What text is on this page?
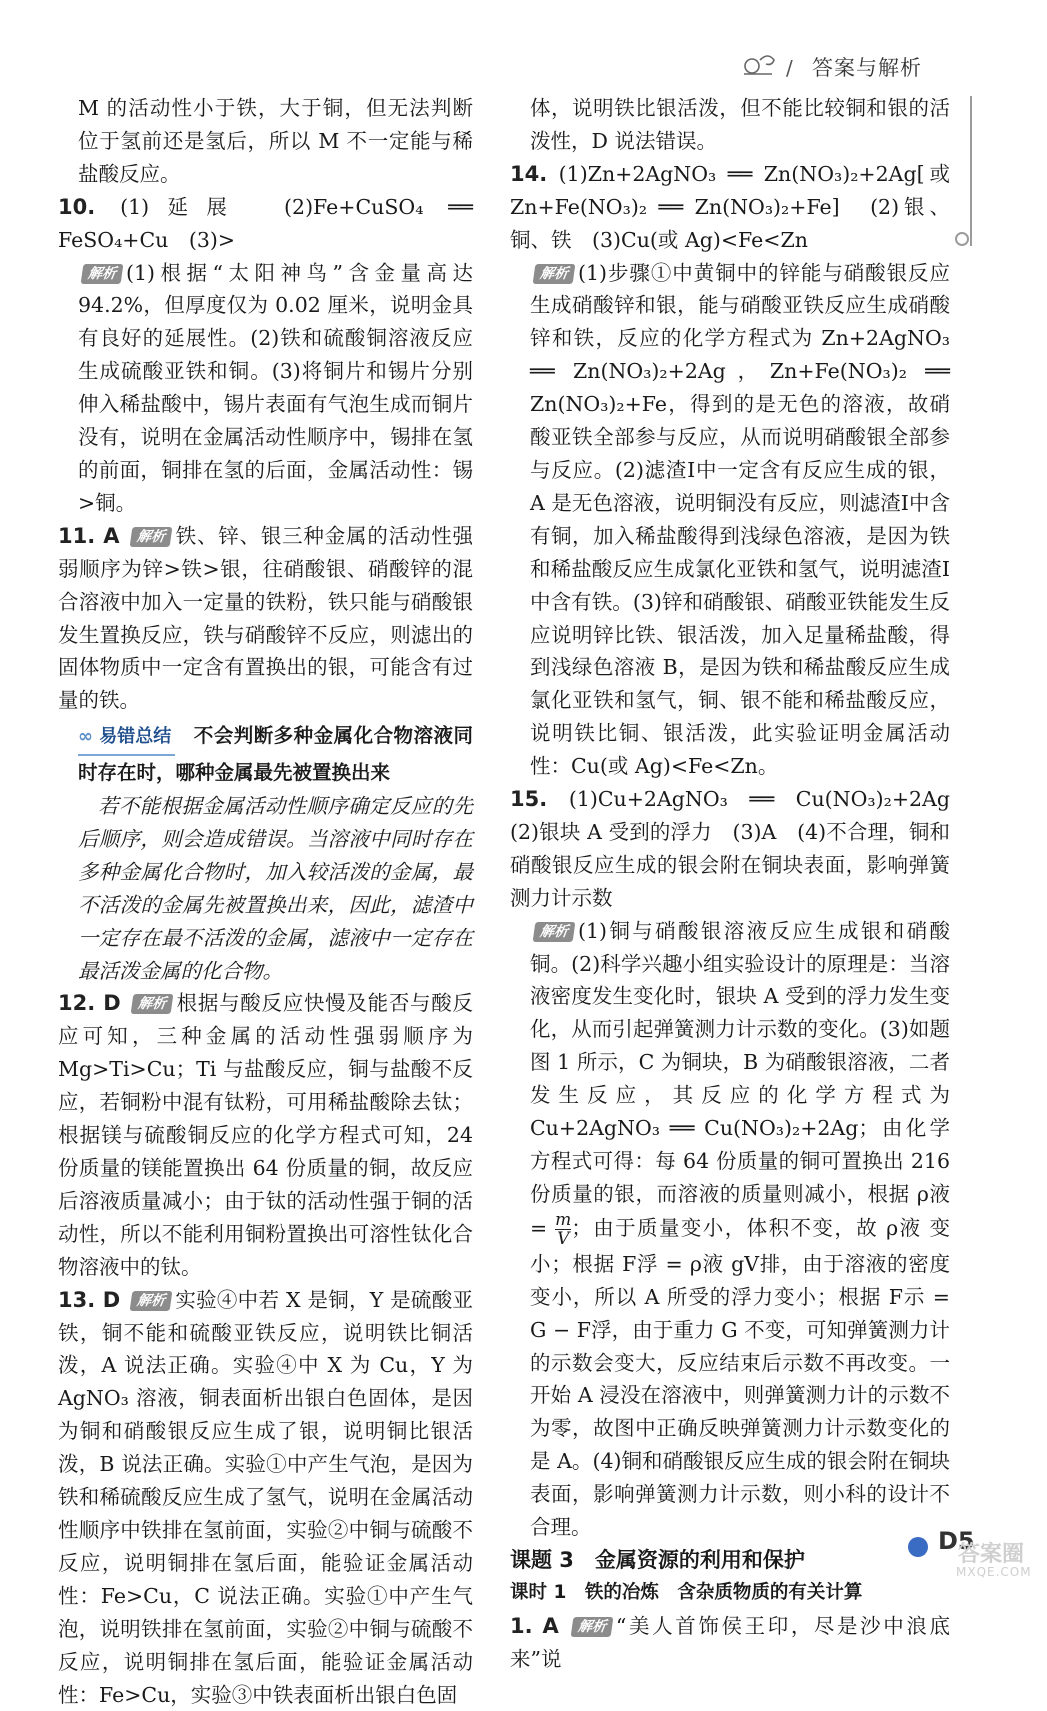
/ 答案与解析

M 的活动性小于铁，大于铜，但无法判断位于氢前还是氢后，所以 M 不一定能与稀盐酸反应。

10. (1)延展　(2)Fe+CuSO₄ ══ FeSO₄+Cu　(3)>

解析 (1)根据“太阳神鸟”含金量高达 94.2%，但厚度仅为 0.02 厘米，说明金具有良好的延展性。(2)铁和硫酸铜溶液反应生成硫酸亚铁和铜。(3)将铜片和锡片分别伸入稀盐酸中，锡片表面有气泡生成而铜片没有，说明在金属活动性顺序中，锡排在氢的前面，铜排在氢的后面，金属活动性：锡>铜。

11. A 解析 铁、锌、银三种金属的活动性强弱顺序为锌>铁>银，往硝酸银、硝酸锌的混合溶液中加入一定量的铁粉，铁只能与硝酸银发生置换反应，铁与硝酸锌不反应，则滤出的固体物质中一定含有置换出的银，可能含有过量的铁。

∞ 易错总结 不会判断多种金属化合物溶液同时存在时，哪种金属最先被置换出来

若不能根据金属活动性顺序确定反应的先后顺序，则会造成错误。当溶液中同时存在多种金属化合物时，加入较活泼的金属，最不活泼的金属先被置换出来，因此，滤渣中一定存在最不活泼的金属，滤液中一定存在最活泼金属的化合物。

12. D 解析 根据与酸反应快慢及能否与酸反应可知，三种金属的活动性强弱顺序为 Mg>Ti>Cu；Ti 与盐酸反应，铜与盐酸不反应，若铜粉中混有钛粉，可用稀盐酸除去钛；根据镁与硫酸铜反应的化学方程式可知，24 份质量的镁能置换出 64 份质量的铜，故反应后溶液质量减小；由于钛的活动性强于铜的活动性，所以不能利用铜粉置换出可溶性钛化合物溶液中的钛。

13. D 解析 实验④中若 X 是铜，Y 是硫酸亚铁，铜不能和硫酸亚铁反应，说明铁比铜活泼，A 说法正确。实验④中 X 为 Cu，Y 为 AgNO₃ 溶液，铜表面析出银白色固体，是因为铜和硝酸银反应生成了银，说明铜比银活泼，B 说法正确。实验①中产生气泡，是因为铁和稀硫酸反应生成了氢气，说明在金属活动性顺序中铁排在氢前面，实验②中铜与硫酸不反应，说明铜排在氢后面，能验证金属活动性：Fe>Cu，C 说法正确。实验①中产生气泡，说明铁排在氢前面，实验②中铜与硫酸不反应，说明铜排在氢后面，能验证金属活动性：Fe>Cu，实验③中铁表面析出银白色固

体，说明铁比银活泼，但不能比较铜和银的活泼性，D 说法错误。

14. (1)Zn+2AgNO₃ ══ Zn(NO₃)₂+2Ag[或 Zn+Fe(NO₃)₂ ══ Zn(NO₃)₂+Fe]　(2)银、铜、铁　(3)Cu(或 Ag)<Fe<Zn

解析 (1)步骤①中黄铜中的锌能与硝酸银反应生成硝酸锌和银，能与硝酸亚铁反应生成硝酸锌和铁，反应的化学方程式为 Zn+2AgNO₃ ══ Zn(NO₃)₂+2Ag，Zn+Fe(NO₃)₂ ══ Zn(NO₃)₂+Fe，得到的是无色的溶液，故硝酸亚铁全部参与反应，从而说明硝酸银全部参与反应。(2)滤渣Ⅰ中一定含有反应生成的银，A 是无色溶液，说明铜没有反应，则滤渣Ⅰ中含有铜，加入稀盐酸得到浅绿色溶液，是因为铁和稀盐酸反应生成氯化亚铁和氢气，说明滤渣Ⅰ中含有铁。(3)锌和硝酸银、硝酸亚铁能发生反应说明锌比铁、银活泼，加入足量稀盐酸，得到浅绿色溶液 B，是因为铁和稀盐酸反应生成氯化亚铁和氢气，铜、银不能和稀盐酸反应，说明铁比铜、银活泼，此实验证明金属活动性：Cu(或 Ag)<Fe<Zn。

15. (1)Cu+2AgNO₃ ══ Cu(NO₃)₂+2Ag　(2)银块 A 受到的浮力　(3)A　(4)不合理，铜和硝酸银反应生成的银会附在铜块表面，影响弹簧测力计示数

解析 (1)铜与硝酸银溶液反应生成银和硝酸铜。(2)科学兴趣小组实验设计的原理是：当溶液密度发生变化时，银块 A 受到的浮力发生变化，从而引起弹簧测力计示数的变化。(3)如题图 1 所示，C 为铜块，B 为硝酸银溶液，二者发生反应，其反应的化学方程式为 Cu+2AgNO₃ ══ Cu(NO₃)₂+2Ag；由化学方程式可得：每 64 份质量的铜可置换出 216 份质量的银，而溶液的质量则减小，根据 ρ液 = $\frac{m}{V}$ ；由于质量变小，体积不变，故 ρ液 变小；根据 F浮 = ρ液 gV排，由于溶液的密度变小，所以 A 所受的浮力变小；根据 F示 = G − F浮，由于重力 G 不变，可知弹簧测力计的示数会变大，反应结束后示数不再改变。一开始 A 浸没在溶液中，则弹簧测力计的示数不为零，故图中正确反映弹簧测力计示数变化的是 A。(4)铜和硝酸银反应生成的银会附在铜块表面，影响弹簧测力计示数，则小科的设计不合理。

课题 3　金属资源的利用和保护

课时 1　铁的冶炼　含杂质物质的有关计算

1. A 解析 “美人首饰侯王印，尽是沙中浪底来”说

D5
答案圈
MXQE.COM
